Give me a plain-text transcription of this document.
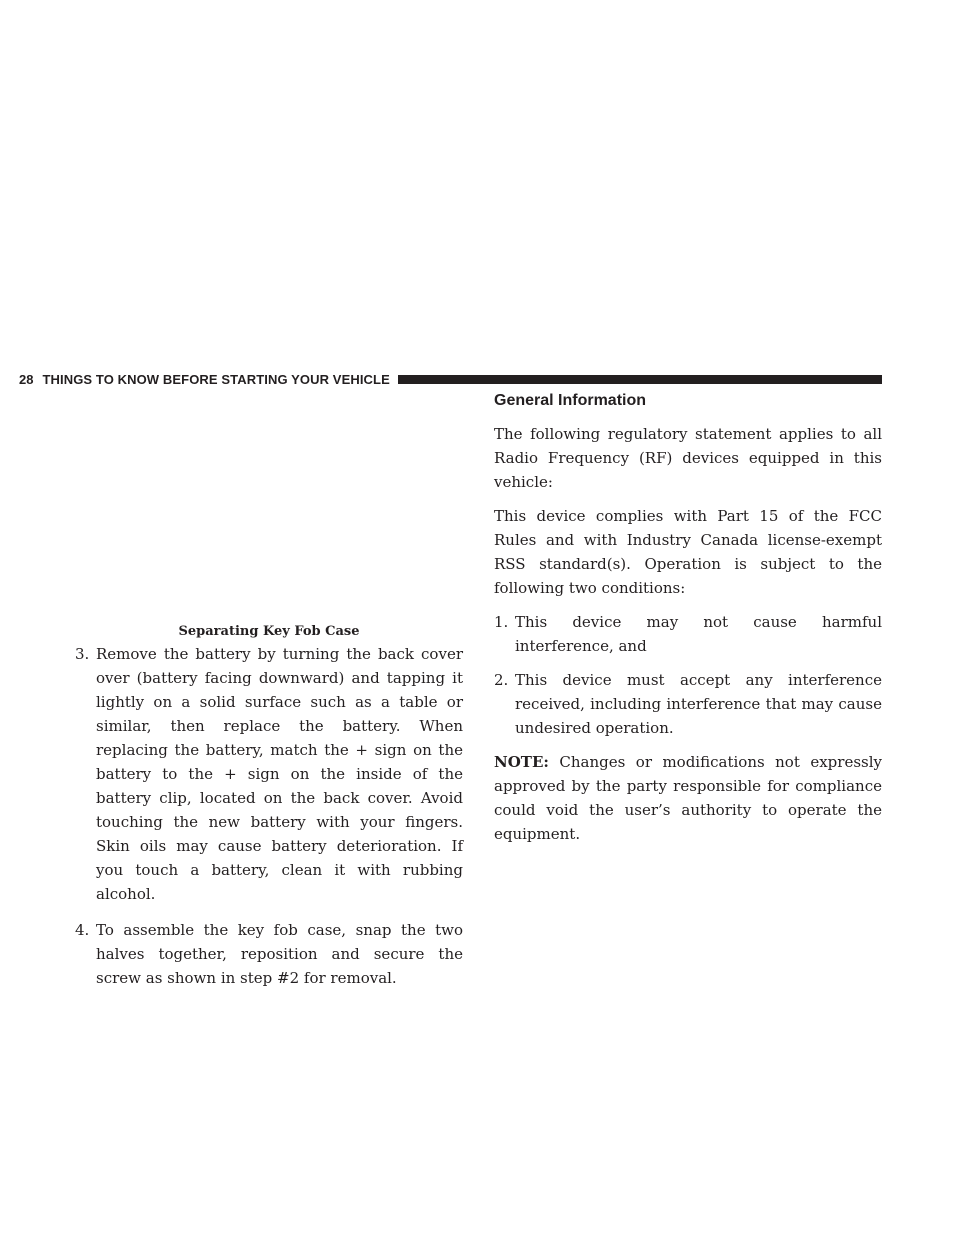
28 THINGS TO KNOW BEFORE STARTING YOUR VEHICLE
Separating Key Fob Case
3. Remove the battery by turning the back cover over (battery facing downward) and tapping it lightly on a solid surface such as a table or similar, then replace the battery. When replacing the battery, match the + sign on the battery to the + sign on the inside of the battery clip, located on the back cover. Avoid touching the new battery with your fingers. Skin oils may cause battery deterioration. If you touch a battery, clean it with rubbing alcohol.
4. To assemble the key fob case, snap the two halves together, reposition and secure the screw as shown in step #2 for removal.
General Information

The following regulatory statement applies to all Radio Frequency (RF) devices equipped in this vehicle:

This device complies with Part 15 of the FCC Rules and with Industry Canada license-exempt RSS standard(s). Operation is subject to the following two conditions:

1. This device may not cause harmful interference, and
2. This device must accept any interference received, including interference that may cause undesired operation.

NOTE: Changes or modifications not expressly approved by the party responsible for compliance could void the user’s authority to operate the equipment.
